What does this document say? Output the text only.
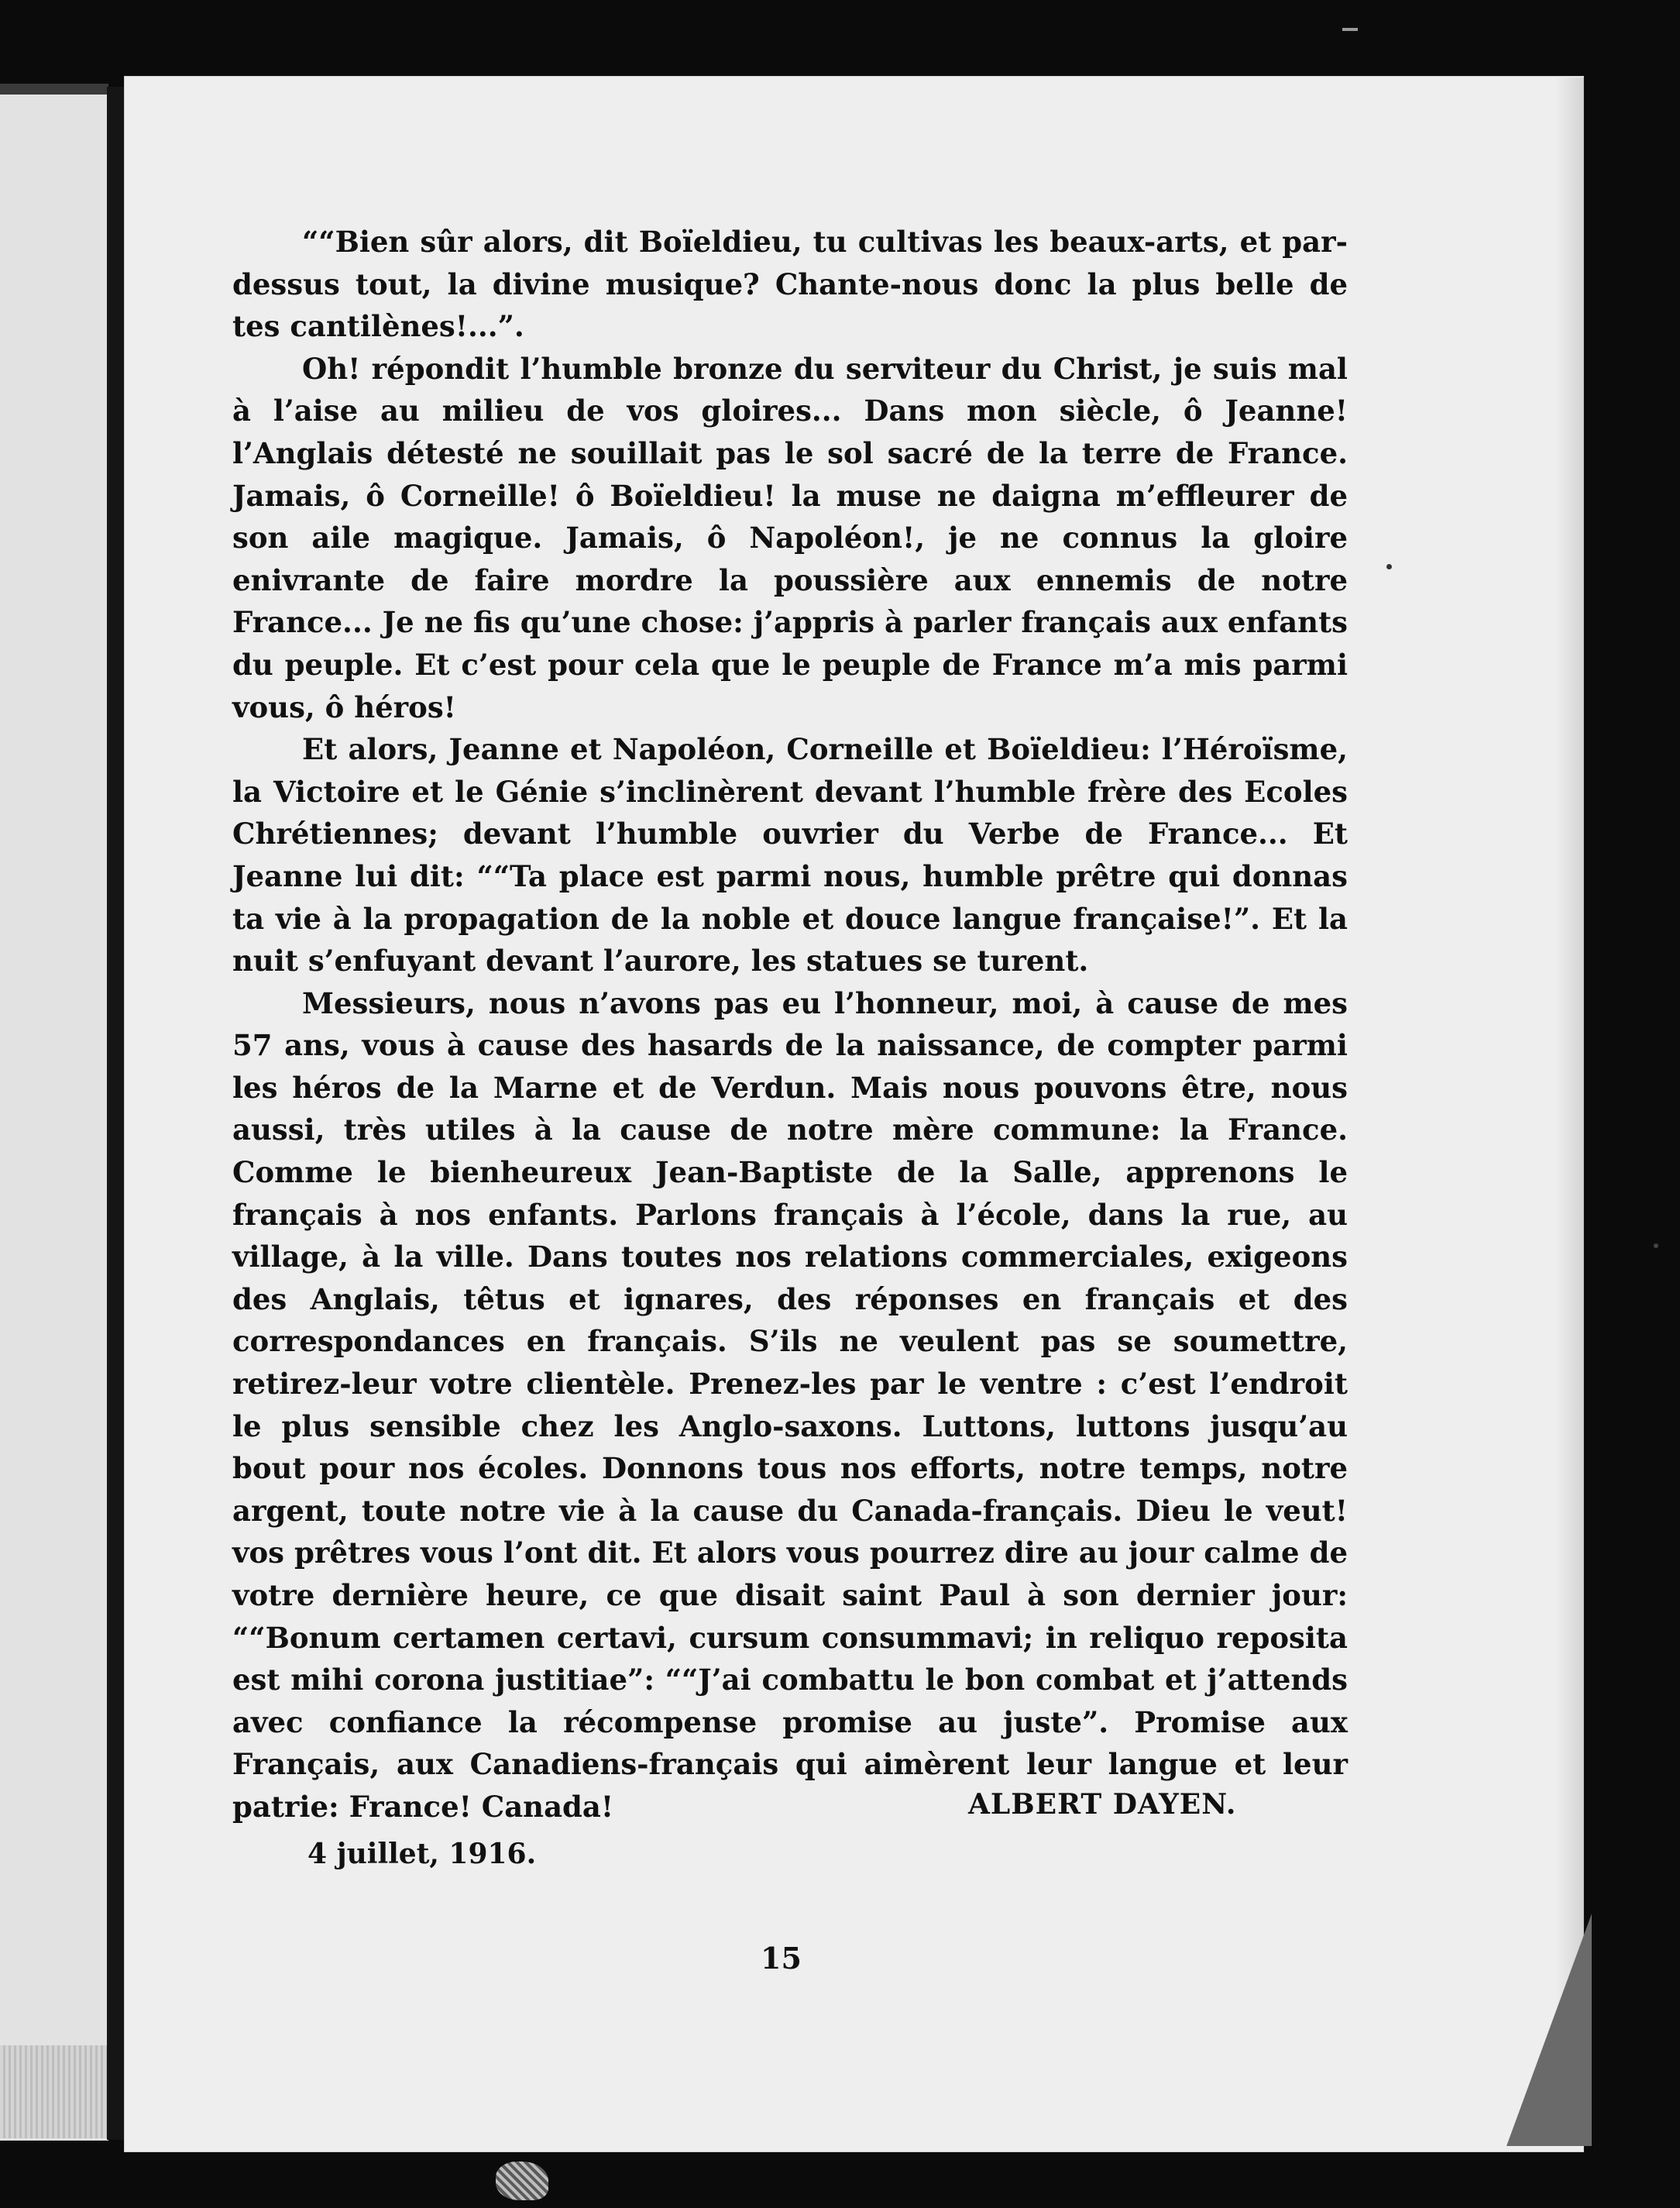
““Bien sûr alors, dit Boïeldieu, tu cultivas les beaux-arts, et par-dessus tout, la divine musique? Chante-nous donc la plus belle de tes cantilènes!...”.

Oh! répondit l’humble bronze du serviteur du Christ, je suis mal à l’aise au milieu de vos gloires... Dans mon siècle, ô Jeanne! l’Anglais détesté ne souillait pas le sol sacré de la terre de France. Jamais, ô Corneille! ô Boïeldieu! la muse ne daigna m’effleurer de son aile magique. Jamais, ô Napoléon!, je ne connus la gloire enivrante de faire mordre la poussière aux ennemis de notre France... Je ne fis qu’une chose: j’appris à parler français aux enfants du peuple. Et c’est pour cela que le peuple de France m’a mis parmi vous, ô héros!

Et alors, Jeanne et Napoléon, Corneille et Boïeldieu: l’Héroïsme, la Victoire et le Génie s’inclinèrent devant l’humble frère des Ecoles Chrétiennes; devant l’humble ouvrier du Verbe de France... Et Jeanne lui dit: ““Ta place est parmi nous, humble prêtre qui donnas ta vie à la propagation de la noble et douce langue française!”. Et la nuit s’enfuyant devant l’aurore, les statues se turent.

Messieurs, nous n’avons pas eu l’honneur, moi, à cause de mes 57 ans, vous à cause des hasards de la naissance, de compter parmi les héros de la Marne et de Verdun. Mais nous pouvons être, nous aussi, très utiles à la cause de notre mère commune: la France. Comme le bienheureux Jean-Baptiste de la Salle, apprenons le français à nos enfants. Parlons français à l’école, dans la rue, au village, à la ville. Dans toutes nos relations commerciales, exigeons des Anglais, têtus et ignares, des réponses en français et des correspondances en français. S’ils ne veulent pas se soumettre, retirez-leur votre clientèle. Prenez-les par le ventre : c’est l’endroit le plus sensible chez les Anglo-saxons. Luttons, luttons jusqu’au bout pour nos écoles. Donnons tous nos efforts, notre temps, notre argent, toute notre vie à la cause du Canada-français. Dieu le veut! vos prêtres vous l’ont dit. Et alors vous pourrez dire au jour calme de votre dernière heure, ce que disait saint Paul à son dernier jour: ““Bonum certamen certavi, cursum consummavi; in reliquo reposita est mihi corona justitiae”: ““J’ai combattu le bon combat et j’attends avec confiance la récompense promise au juste”. Promise aux Français, aux Canadiens-français qui aimèrent leur langue et leur patrie: France! Canada!	ALBERT DAYEN.
4 juillet, 1916.
15
